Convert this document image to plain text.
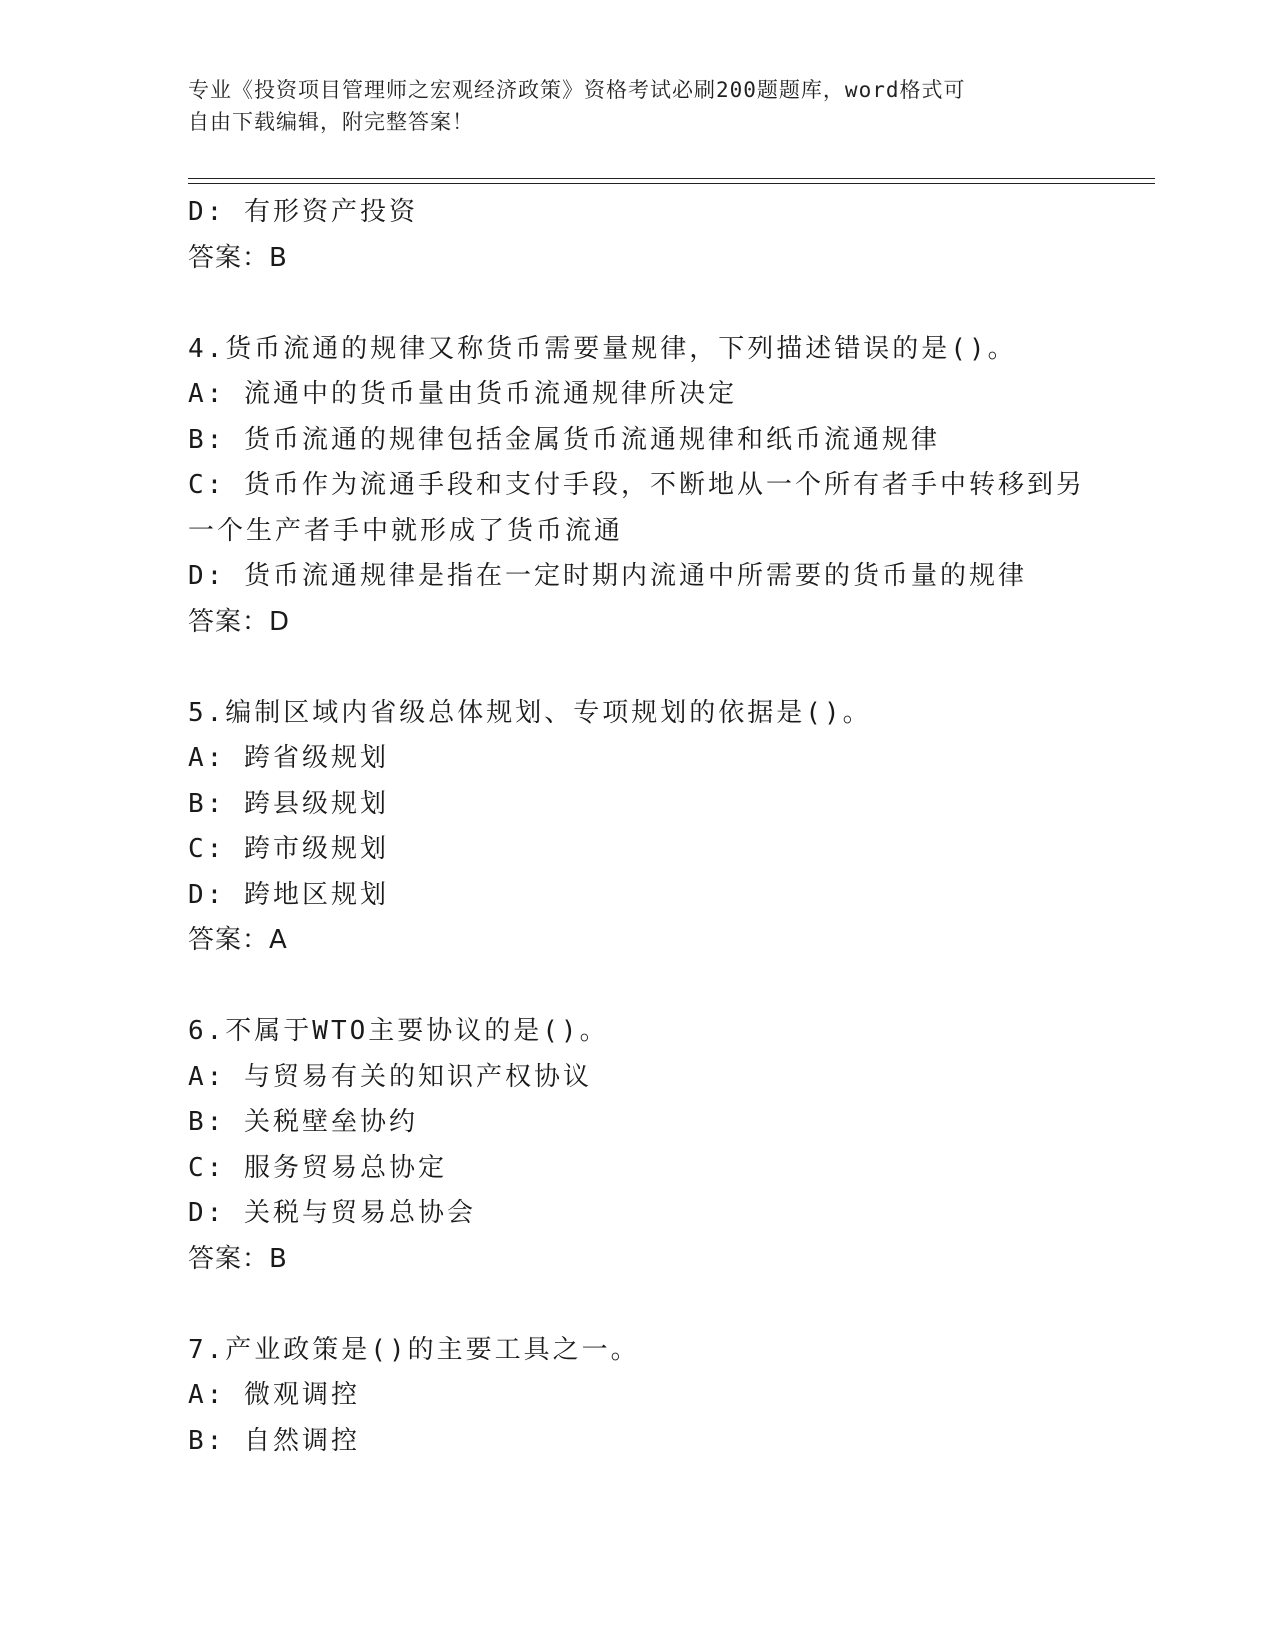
专业《投资项目管理师之宏观经济政策》资格考试必刷200题题库，word格式可
自由下载编辑，附完整答案！
D: 有形资产投资
答案：B
4.货币流通的规律又称货币需要量规律，下列描述错误的是()。
A: 流通中的货币量由货币流通规律所决定
B: 货币流通的规律包括金属货币流通规律和纸币流通规律
C: 货币作为流通手段和支付手段，不断地从一个所有者手中转移到另
一个生产者手中就形成了货币流通
D: 货币流通规律是指在一定时期内流通中所需要的货币量的规律
答案：D
5.编制区域内省级总体规划、专项规划的依据是()。
A: 跨省级规划
B: 跨县级规划
C: 跨市级规划
D: 跨地区规划
答案：A
6.不属于WTO主要协议的是()。
A: 与贸易有关的知识产权协议
B: 关税壁垒协约
C: 服务贸易总协定
D: 关税与贸易总协会
答案：B
7.产业政策是()的主要工具之一。
A: 微观调控
B: 自然调控
